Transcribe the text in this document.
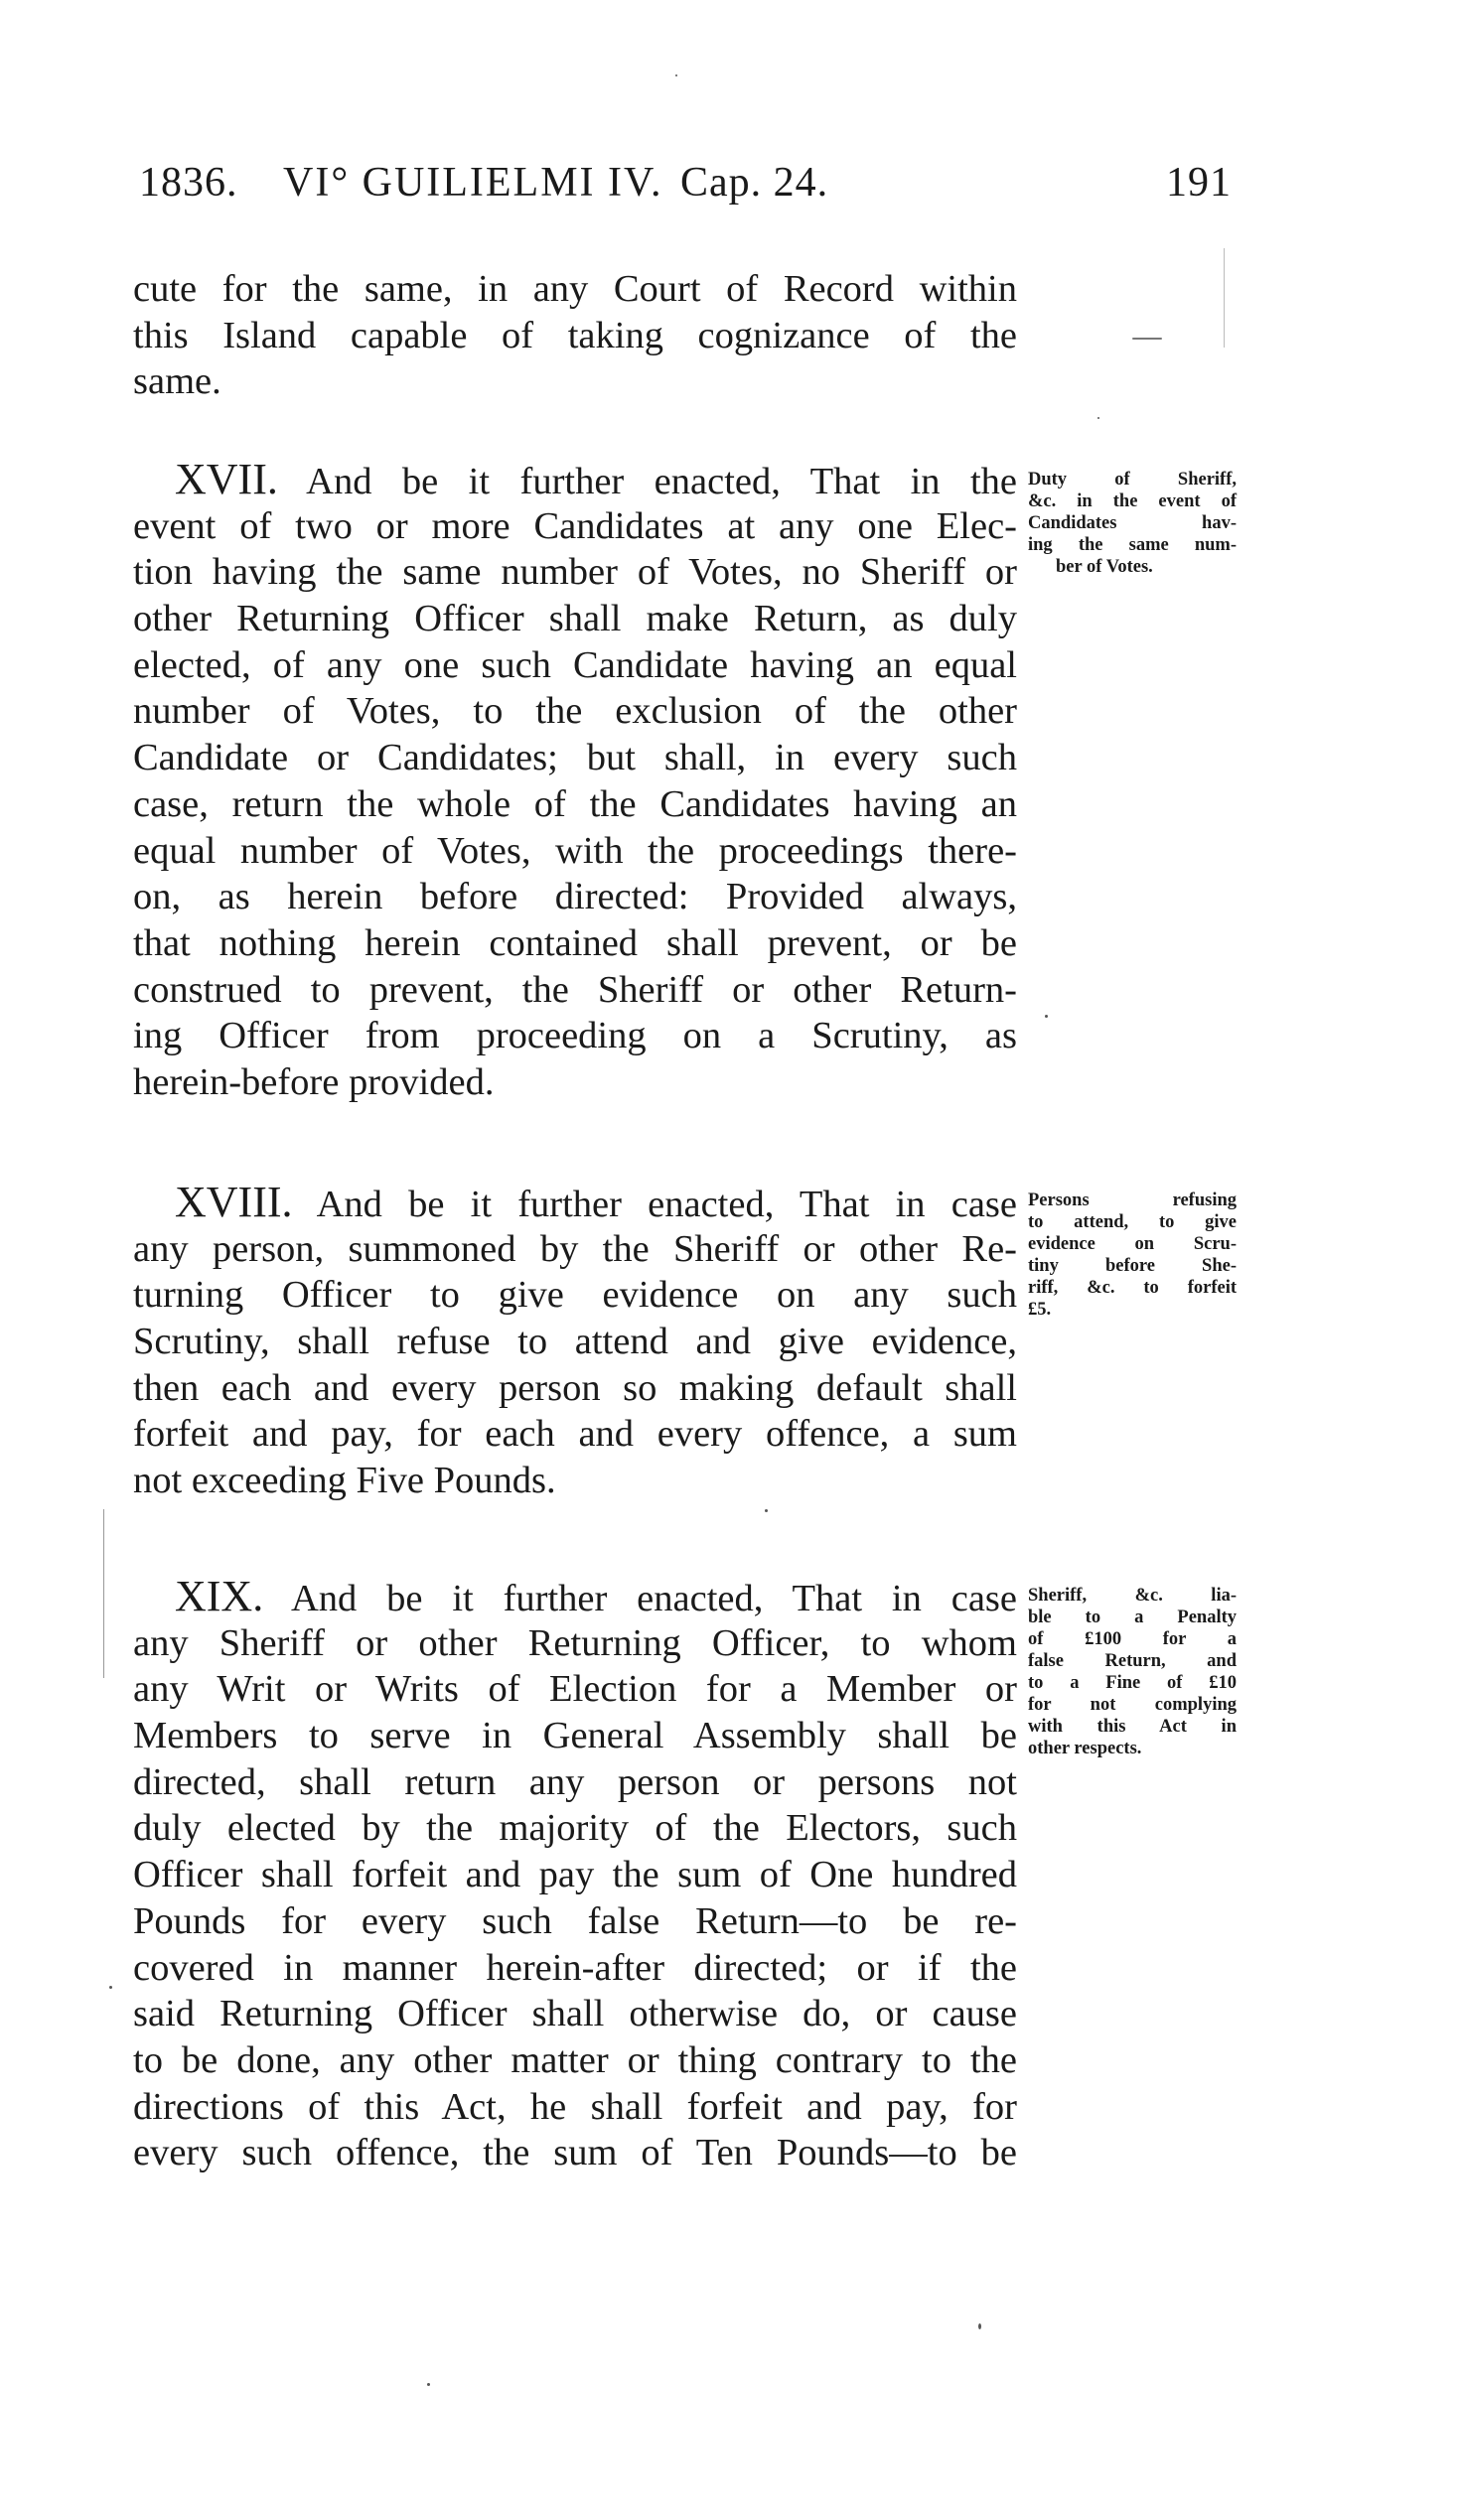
1836. VI° GUILIELMI IV. Cap. 24.	191
cute for the same, in any Court of Record within
this Island capable of taking cognizance of the
same.
XVII. And be it further enacted, That in the
event of two or more Candidates at any one Elec-
tion having the same number of Votes, no Sheriff or
other Returning Officer shall make Return, as duly
elected, of any one such Candidate having an equal
number of Votes, to the exclusion of the other
Candidate or Candidates; but shall, in every such
case, return the whole of the Candidates having an
equal number of Votes, with the proceedings there-
on, as herein before directed: Provided always,
that nothing herein contained shall prevent, or be
construed to prevent, the Sheriff or other Return-
ing Officer from proceeding on a Scrutiny, as
herein-before provided.
Duty of Sheriff,
&c. in the event of
Candidates hav-
ing the same num-
ber of Votes.
XVIII. And be it further enacted, That in case
any person, summoned by the Sheriff or other Re-
turning Officer to give evidence on any such
Scrutiny, shall refuse to attend and give evidence,
then each and every person so making default shall
forfeit and pay, for each and every offence, a sum
not exceeding Five Pounds.
Persons refusing
to attend, to give
evidence on Scru-
tiny before She-
riff, &c. to forfeit
£5.
XIX. And be it further enacted, That in case
any Sheriff or other Returning Officer, to whom
any Writ or Writs of Election for a Member or
Members to serve in General Assembly shall be
directed, shall return any person or persons not
duly elected by the majority of the Electors, such
Officer shall forfeit and pay the sum of One hundred
Pounds for every such false Return—to be re-
covered in manner herein-after directed; or if the
said Returning Officer shall otherwise do, or cause
to be done, any other matter or thing contrary to the
directions of this Act, he shall forfeit and pay, for
every such offence, the sum of Ten Pounds—to be
Sheriff, &c. lia-
ble to a Penalty
of £100 for a
false Return, and
to a Fine of £10
for not complying
with this Act in
other respects.
